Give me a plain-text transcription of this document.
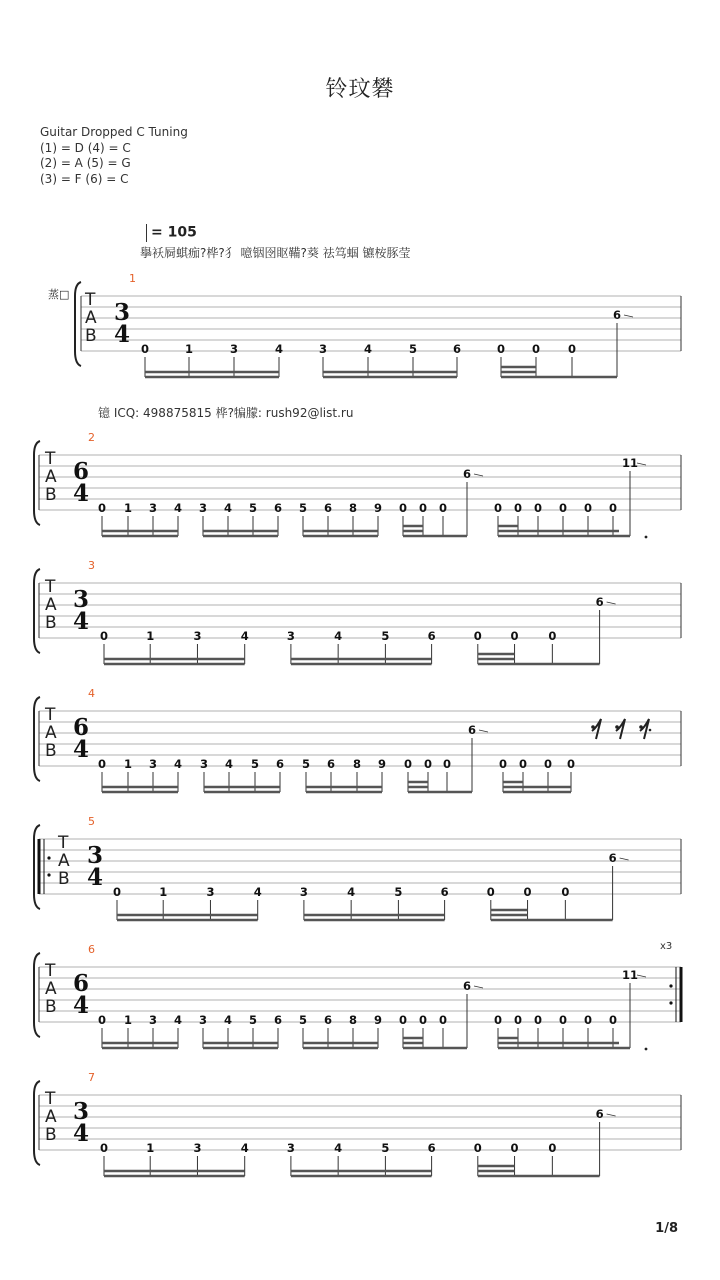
铃玟礬
Guitar Dropped C Tuning
(1) = D (4) = C
(2) = A (5) = G
(3) = F (6) = C
= 105
擧袄屙蜞痂?桦?犭 噫铟囹眍鞴?葵 祛笃蝈 镳桉豚莹
蒸□
镱 ICQ: 498875815 桦?犏朦: rush92@list.ru
1/8
1
T
A
B
3
4
0	1	3	4	3	4	5	6	0 0 0
6
2
T
A
B
6
4
0 1 3 4 3 4 5 6 5 6 8 9 0 0 0
6
0 0 0 0 0 0
11
3
T
A
B
3
4
0	1	3	4	3	4	5	6	0 0	0
6
4
T
A
B
6
4
0 1 3 4 3 4 5 6 5 6 8 9 0 0 0
6
0 0 0 0
5
T
A
B
3
4
0	1	3	4	3	4	5	6	0 0	0
6
6	x3
T
A
B
6
4
0 1 3 4 3 4 5 6 5 6 8 9 0 0 0
6
0 0 0 0 0 0
11
7
T
A
B
3
4
0	1	3	4	3	4	5	6	0 0	0
6
